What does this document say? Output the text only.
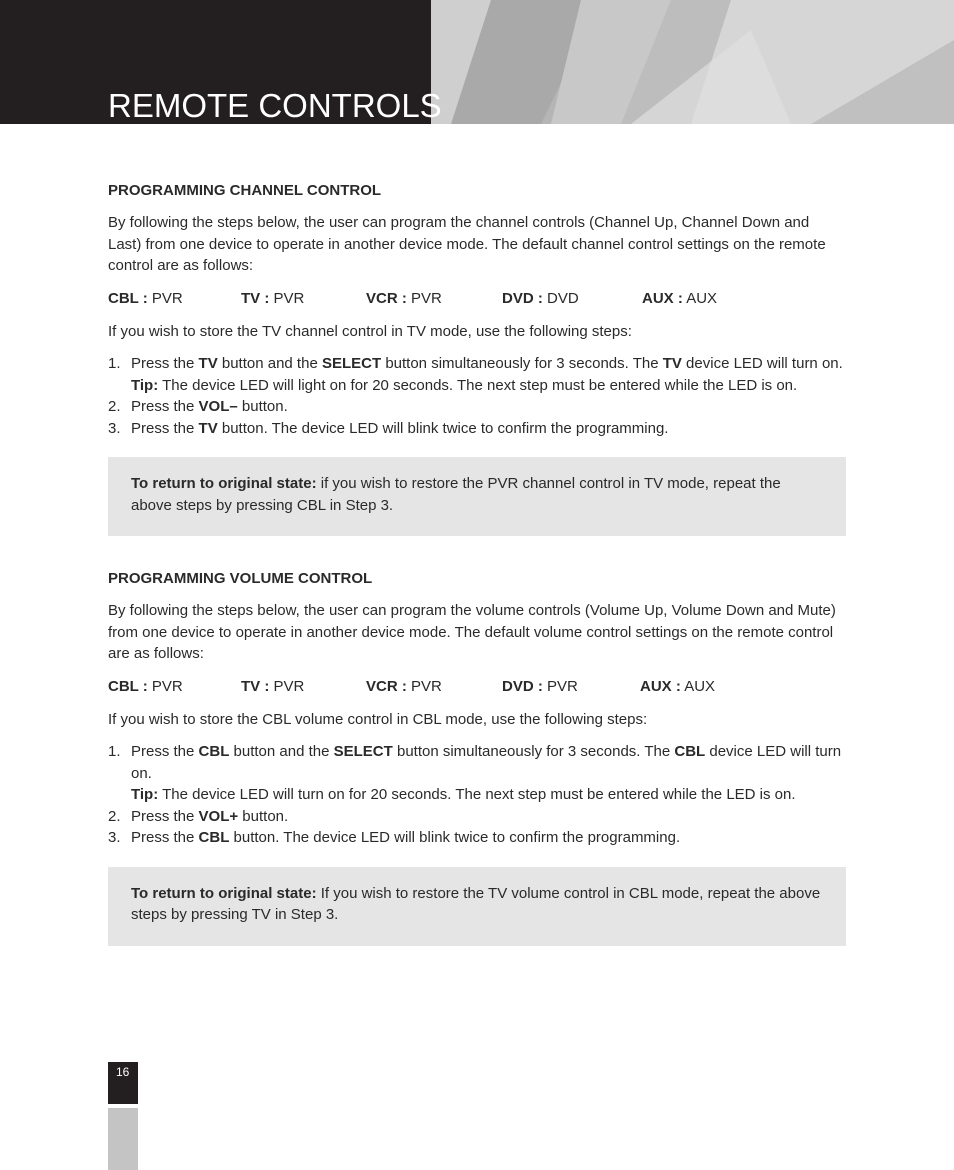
REMOTE CONTROLS
PROGRAMMING CHANNEL CONTROL

By following the steps below, the user can program the channel controls (Channel Up, Channel Down and Last) from one device to operate in another device mode. The default channel control settings on the remote control are as follows:

CBL : PVR	TV : PVR	VCR : PVR	DVD : DVD	AUX : AUX

If you wish to store the TV channel control in TV mode, use the following steps:

1. Press the TV button and the SELECT button simultaneously for 3 seconds. The TV device LED will turn on.
Tip: The device LED will light on for 20 seconds. The next step must be entered while the LED is on.
2. Press the VOL– button.
3. Press the TV button. The device LED will blink twice to confirm the programming.
To return to original state: if you wish to restore the PVR channel control in TV mode, repeat the above steps by pressing CBL in Step 3.
PROGRAMMING VOLUME CONTROL

By following the steps below, the user can program the volume controls (Volume Up, Volume Down and Mute) from one device to operate in another device mode. The default volume control settings on the remote control are as follows:

CBL : PVR	TV : PVR	VCR : PVR	DVD : PVR	AUX : AUX

If you wish to store the CBL volume control in CBL mode, use the following steps:

1. Press the CBL button and the SELECT button simultaneously for 3 seconds. The CBL device LED will turn on.
Tip: The device LED will turn on for 20 seconds. The next step must be entered while the LED is on.
2. Press the VOL+ button.
3. Press the CBL button. The device LED will blink twice to confirm the programming.
To return to original state: If you wish to restore the TV volume control in CBL mode, repeat the above steps by pressing TV in Step 3.
16
